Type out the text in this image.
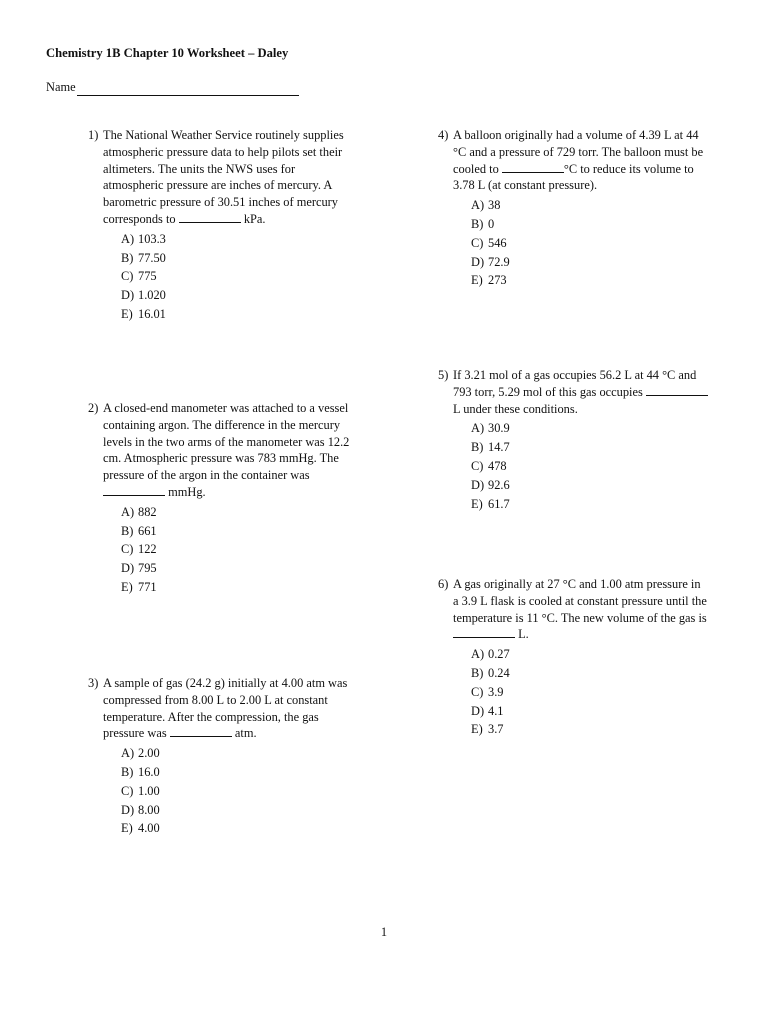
Chemistry 1B Chapter 10 Worksheet – Daley
Name
1) The National Weather Service routinely supplies atmospheric pressure data to help pilots set their altimeters. The units the NWS uses for atmospheric pressure are inches of mercury. A barometric pressure of 30.51 inches of mercury corresponds to	kPa.
A) 103.3
B) 77.50
C) 775
D) 1.020
E) 16.01
2) A closed-end manometer was attached to a vessel containing argon. The difference in the mercury levels in the two arms of the manometer was 12.2 cm. Atmospheric pressure was 783 mmHg. The pressure of the argon in the container was  mmHg.
A) 882
B) 661
C) 122
D) 795
E) 771
3) A sample of gas (24.2 g) initially at 4.00 atm was compressed from 8.00 L to 2.00 L at constant temperature. After the compression, the gas pressure was	atm.
A) 2.00
B) 16.0
C) 1.00
D) 8.00
E) 4.00
4) A balloon originally had a volume of 4.39 L at 44 °C and a pressure of 729 torr. The balloon must be cooled to	°C to reduce its volume to 3.78 L (at constant pressure).
A) 38
B) 0
C) 546
D) 72.9
E) 273
5) If 3.21 mol of a gas occupies 56.2 L at 44 °C and 793 torr, 5.29 mol of this gas occupies  L under these conditions.
A) 30.9
B) 14.7
C) 478
D) 92.6
E) 61.7
6) A gas originally at 27 °C and 1.00 atm pressure in a 3.9 L flask is cooled at constant pressure until the temperature is 11 °C. The new volume of the gas is  L.
A) 0.27
B) 0.24
C) 3.9
D) 4.1
E) 3.7
1
